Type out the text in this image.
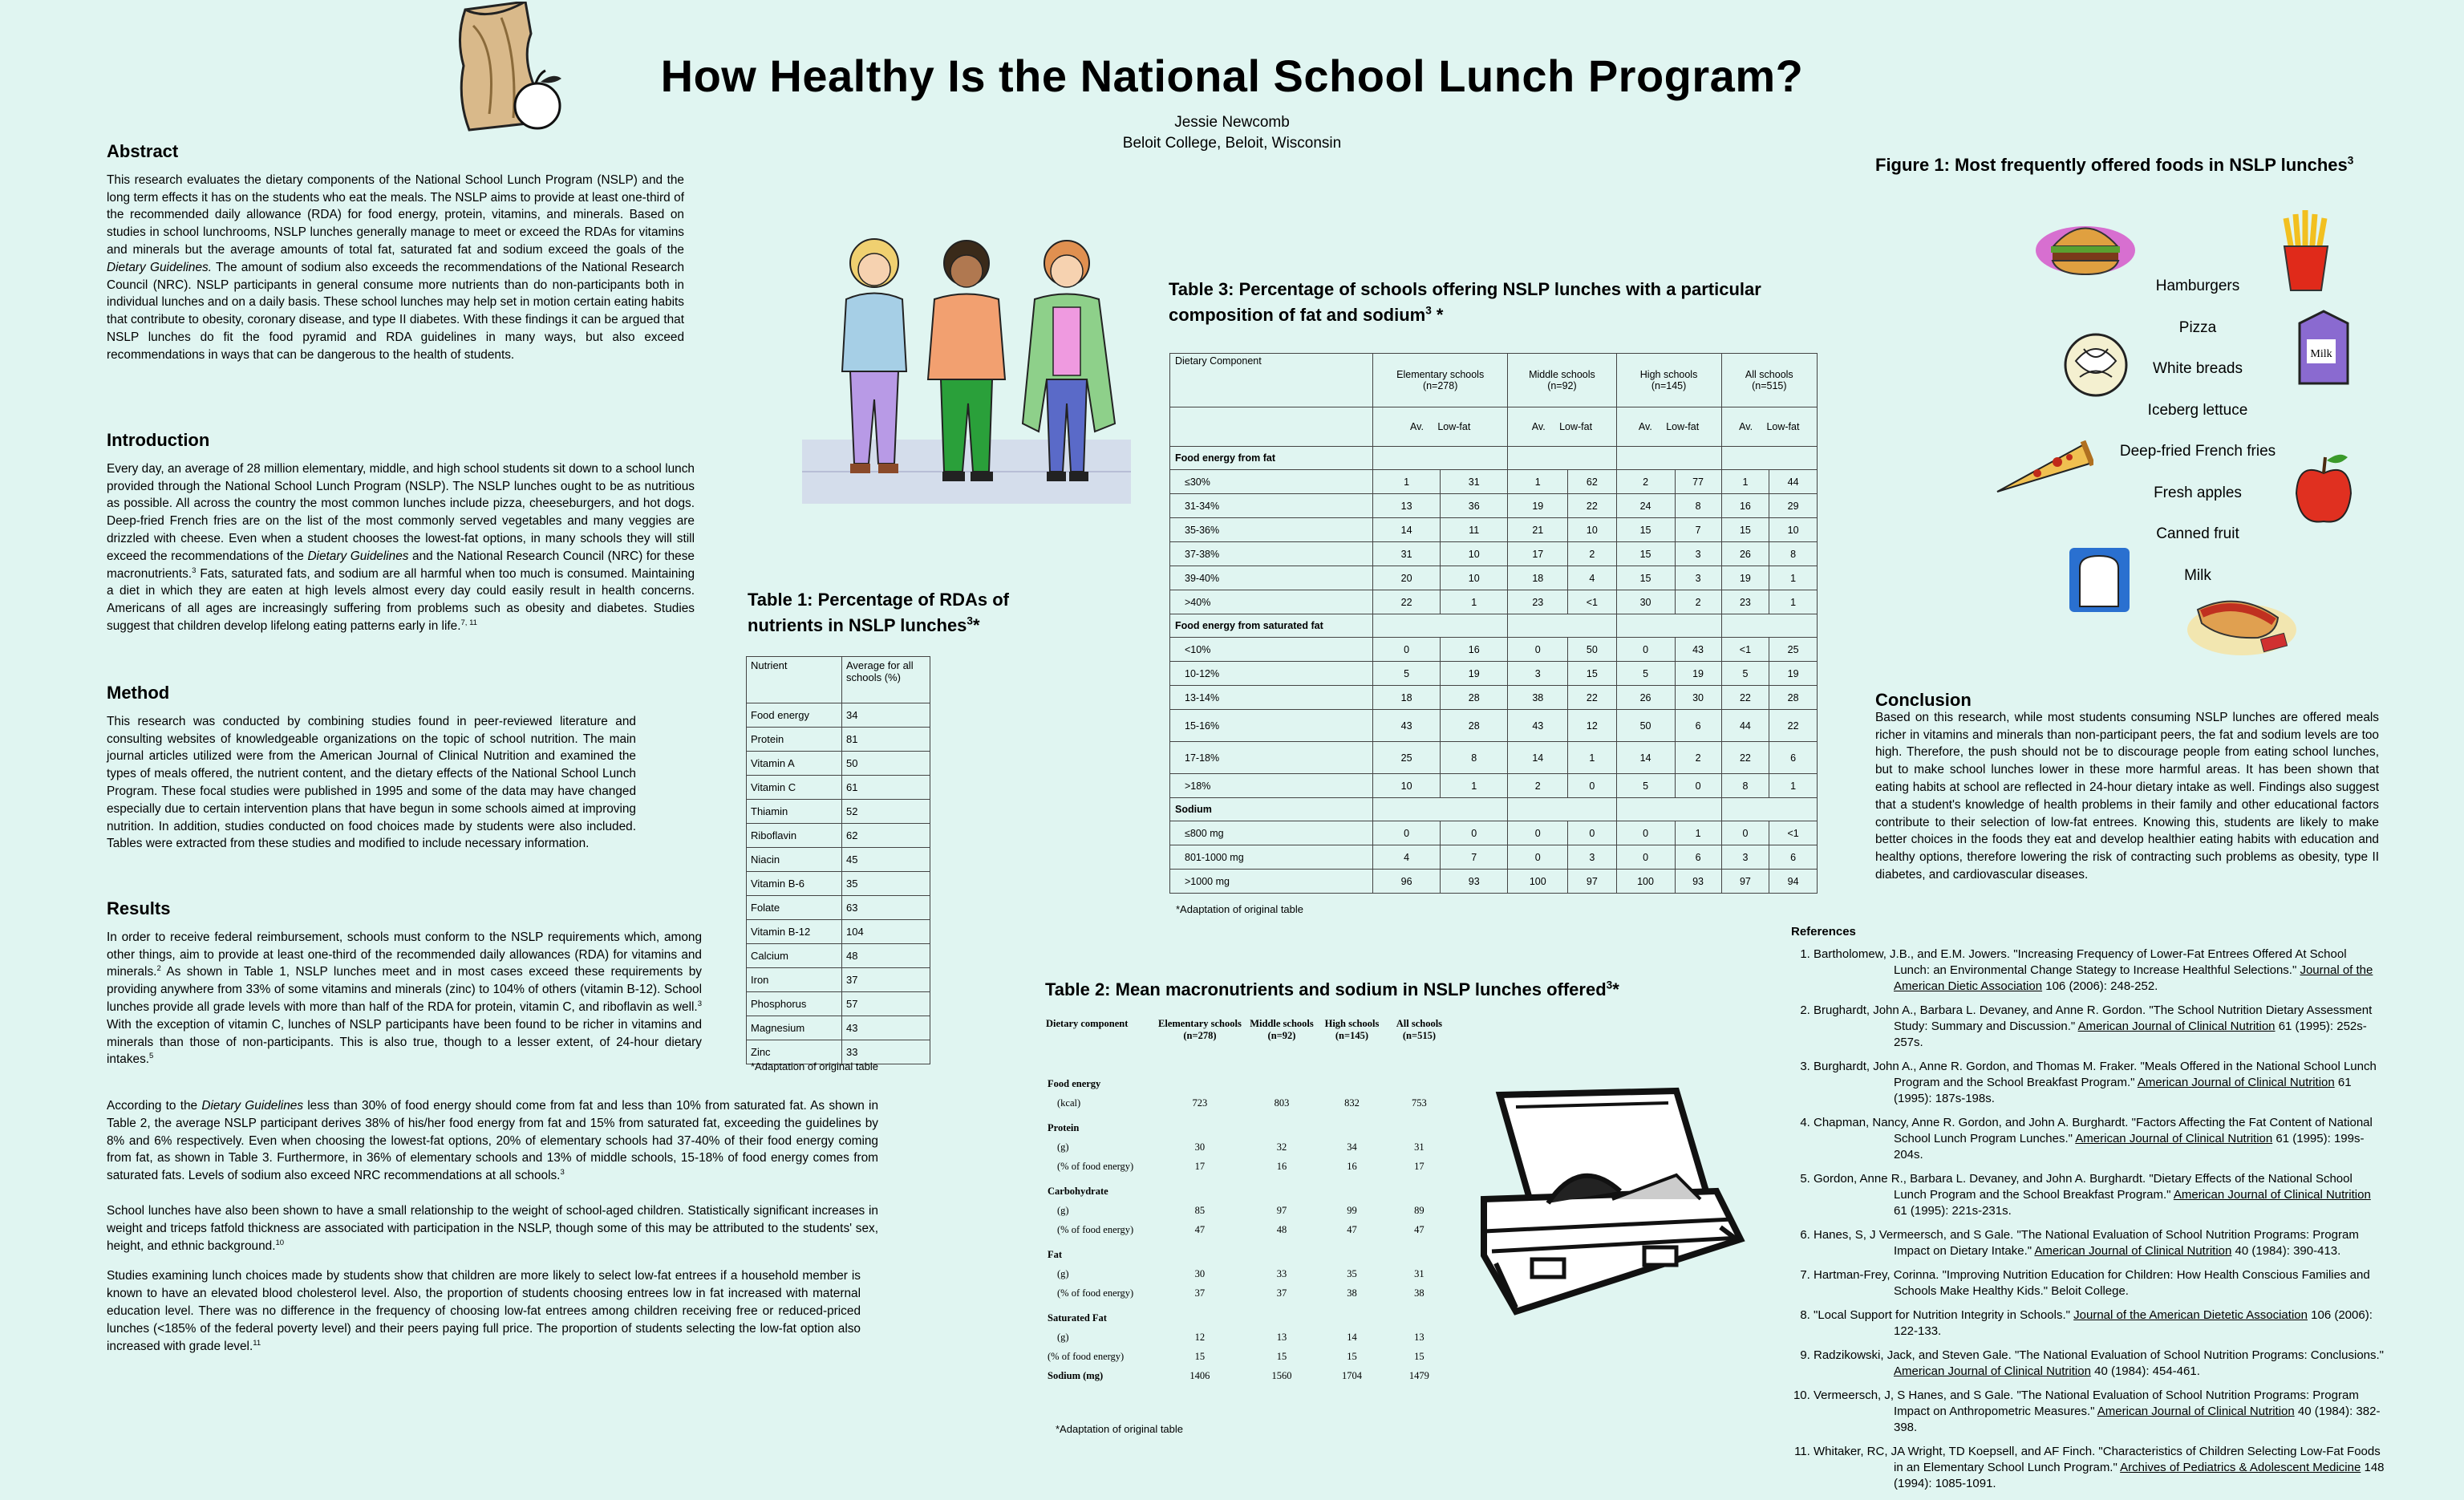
How Healthy Is the National School Lunch Program?
Jessie Newcomb
Beloit College, Beloit, Wisconsin
Abstract

This research evaluates the dietary components of the National School Lunch Program (NSLP) and the long term effects it has on the students who eat the meals. The NSLP aims to provide at least one-third of the recommended daily allowance (RDA) for food energy, protein, vitamins, and minerals. Based on studies in school lunchrooms, NSLP lunches generally manage to meet or exceed the RDAs for vitamins and minerals but the average amounts of total fat, saturated fat and sodium exceed the goals of the Dietary Guidelines. The amount of sodium also exceeds the recommendations of the National Research Council (NRC). NSLP participants in general consume more nutrients than do non-participants both in individual lunches and on a daily basis. These school lunches may help set in motion certain eating habits that contribute to obesity, coronary disease, and type II diabetes. With these findings it can be argued that NSLP lunches do fit the food pyramid and RDA guidelines in many ways, but also exceed recommendations in ways that can be dangerous to the health of students.

Introduction

Every day, an average of 28 million elementary, middle, and high school students sit down to a school lunch provided through the National School Lunch Program (NSLP). The NSLP lunches ought to be as nutritious as possible. All across the country the most common lunches include pizza, cheeseburgers, and hot dogs. Deep-fried French fries are on the list of the most commonly served vegetables and many veggies are drizzled with cheese. Even when a student chooses the lowest-fat options, in many schools they will still exceed the recommendations of the Dietary Guidelines and the National Research Council (NRC) for these macronutrients.$^3$ Fats, saturated fats, and sodium are all harmful when too much is consumed. Maintaining a diet in which they are eaten at high levels almost every day could easily result in health concerns. Americans of all ages are increasingly suffering from problems such as obesity and diabetes. Studies suggest that children develop lifelong eating patterns early in life.$^{7, 11}$

Method

This research was conducted by combining studies found in peer-reviewed literature and consulting websites of knowledgeable organizations on the topic of school nutrition. The main journal articles utilized were from the American Journal of Clinical Nutrition and examined the types of meals offered, the nutrient content, and the dietary effects of the National School Lunch Program. These focal studies were published in 1995 and some of the data may have changed especially due to certain intervention plans that have begun in some schools aimed at improving nutrition. In addition, studies conducted on food choices made by students were also included. Tables were extracted from these studies and modified to include necessary information.

Results

In order to receive federal reimbursement, schools must conform to the NSLP requirements which, among other things, aim to provide at least one-third of the recommended daily allowances (RDA) for vitamins and minerals.$^2$ As shown in Table 1, NSLP lunches meet and in most cases exceed these requirements by providing anywhere from 33% of some vitamins and minerals (zinc) to 104% of others (vitamin B-12). School lunches provide all grade levels with more than half of the RDA for protein, vitamin C, and riboflavin as well.$^3$ With the exception of vitamin C, lunches of NSLP participants have been found to be richer in vitamins and minerals than those of non-participants. This is also true, though to a lesser extent, of 24-hour dietary intakes.$^5$

According to the Dietary Guidelines less than 30% of food energy should come from fat and less than 10% from saturated fat. As shown in Table 2, the average NSLP participant derives 38% of his/her food energy from fat and 15% from saturated fat, exceeding the guidelines by 8% and 6% respectively. Even when choosing the lowest-fat options, 20% of elementary schools had 37-40% of their food energy coming from fat, as shown in Table 3. Furthermore, in 36% of elementary schools and 13% of middle schools, 15-18% of food energy comes from saturated fats. Levels of sodium also exceed NRC recommendations at all schools.$^3$

School lunches have also been shown to have a small relationship to the weight of school-aged children. Statistically significant increases in weight and triceps fatfold thickness are associated with participation in the NSLP, though some of this may be attributed to the students' sex, height, and ethnic background.$^{10}$

Studies examining lunch choices made by students show that children are more likely to select low-fat entrees if a household member is known to have an elevated blood cholesterol level. Also, the proportion of students choosing entrees low in fat increased with maternal education level. There was no difference in the frequency of choosing low-fat entrees among children receiving free or reduced-priced lunches (<185% of the federal poverty level) and their peers paying full price. The proportion of students selecting the low-fat option also increased with grade level.$^{11}$

Table 1: Percentage of RDAs of nutrients in NSLP lunches$^3$*
Nutrient	Average for all schools (%)
Food energy	34
Protein	81
Vitamin A	50
Vitamin C	61
Thiamin	52
Riboflavin	62
Niacin	45
Vitamin B-6	35
Folate	63
Vitamin B-12	104
Calcium	48
Iron	37
Phosphorus	57
Magnesium	43
Zinc	33
*Adaptation of original table
Table 3: Percentage of schools offering NSLP lunches with a particular composition of fat and sodium$^3$ *
Dietary Component	Elementary schools (n=278)		Middle schools (n=92)		High schools (n=145)		All schools (n=515)	
	Av. Low-fat		Av. Low-fat		Av. Low-fat		Av. Low-fat	
Food energy from fat								
≤30%	1	31	1	62	2	77	1	44
31-34%	13	36	19	22	24	8	16	29
35-36%	14	11	21	10	15	7	15	10
37-38%	31	10	17	2	15	3	26	8
39-40%	20	10	18	4	15	3	19	1
>40%	22	1	23	<1	30	2	23	1
Food energy from saturated fat								
<10%	0	16	0	50	0	43	<1	25
10-12%	5	19	3	15	5	19	5	19
13-14%	18	28	38	22	26	30	22	28
15-16%	43	28	43	12	50	6	44	22
17-18%	25	8	14	1	14	2	22	6
>18%	10	1	2	0	5	0	8	1
Sodium								
≤800 mg	0	0	0	0	0	1	0	<1
801-1000 mg	4	7	0	3	0	6	3	6
>1000 mg	96	93	100	97	100	93	97	94
*Adaptation of original table
Table 2: Mean macronutrients and sodium in NSLP lunches offered$^3$*
Dietary component	Elementary schools (n=278)	Middle schools (n=92)	High schools (n=145)	All schools (n=515)
Food energy				
(kcal)	723	803	832	753
Protein				
(g)	30	32	34	31
(% of food energy)	17	16	16	17
Carbohydrate				
(g)	85	97	99	89
(% of food energy)	47	48	47	47
Fat				
(g)	30	33	35	31
(% of food energy)	37	37	38	38
Saturated Fat				
(g)	12	13	14	13
(% of food energy)	15	15	15	15
Sodium (mg)	1406	1560	1704	1479
*Adaptation of original table
Figure 1: Most frequently offered foods in NSLP lunches$^3$
Hamburgers
Pizza
White breads
Iceberg lettuce
Deep-fried French fries
Fresh apples
Canned fruit
Milk
Milk
Conclusion

Based on this research, while most students consuming NSLP lunches are offered meals richer in vitamins and minerals than non-participant peers, the fat and sodium levels are too high. Therefore, the push should not be to discourage people from eating school lunches, but to make school lunches lower in these more harmful areas. It has been shown that eating habits at school are reflected in 24-hour dietary intake as well. Findings also suggest that a student's knowledge of health problems in their family and other educational factors contribute to their selection of low-fat entrees. Knowing this, students are likely to make better choices in the foods they eat and develop healthier eating habits with education and healthy options, therefore lowering the risk of contracting such problems as obesity, type II diabetes, and cardiovascular diseases.

References
1. Bartholomew, J.B., and E.M. Jowers. "Increasing Frequency of Lower-Fat Entrees Offered At School Lunch: an Environmental Change Stategy to Increase Healthful Selections." Journal of the American Dietic Association 106 (2006): 248-252.
2. Brughardt, John A., Barbara L. Devaney, and Anne R. Gordon. "The School Nutrition Dietary Assessment Study: Summary and Discussion." American Journal of Clinical Nutrition 61 (1995): 252s-257s.
3. Burghardt, John A., Anne R. Gordon, and Thomas M. Fraker. "Meals Offered in the National School Lunch Program and the School Breakfast Program." American Journal of Clinical Nutrition 61 (1995): 187s-198s.
4. Chapman, Nancy, Anne R. Gordon, and John A. Burghardt. "Factors Affecting the Fat Content of National School Lunch Program Lunches." American Journal of Clinical Nutrition 61 (1995): 199s-204s.
5. Gordon, Anne R., Barbara L. Devaney, and John A. Burghardt. "Dietary Effects of the National School Lunch Program and the School Breakfast Program." American Journal of Clinical Nutrition 61 (1995): 221s-231s.
6. Hanes, S, J Vermeersch, and S Gale. "The National Evaluation of School Nutrition Programs: Program Impact on Dietary Intake." American Journal of Clinical Nutrition 40 (1984): 390-413.
7. Hartman-Frey, Corinna. "Improving Nutrition Education for Children: How Health Conscious Families and Schools Make Healthy Kids." Beloit College.
8. "Local Support for Nutrition Integrity in Schools." Journal of the American Dietetic Association 106 (2006): 122-133.
9. Radzikowski, Jack, and Steven Gale. "The National Evaluation of School Nutrition Programs: Conclusions." American Journal of Clinical Nutrition 40 (1984): 454-461.
10. Vermeersch, J, S Hanes, and S Gale. "The National Evaluation of School Nutrition Programs: Program Impact on Anthropometric Measures." American Journal of Clinical Nutrition 40 (1984): 382-398.
11. Whitaker, RC, JA Wright, TD Koepsell, and AF Finch. "Characteristics of Children Selecting Low-Fat Foods in an Elementary School Lunch Program." Archives of Pediatrics & Adolescent Medicine 148 (1994): 1085-1091.
